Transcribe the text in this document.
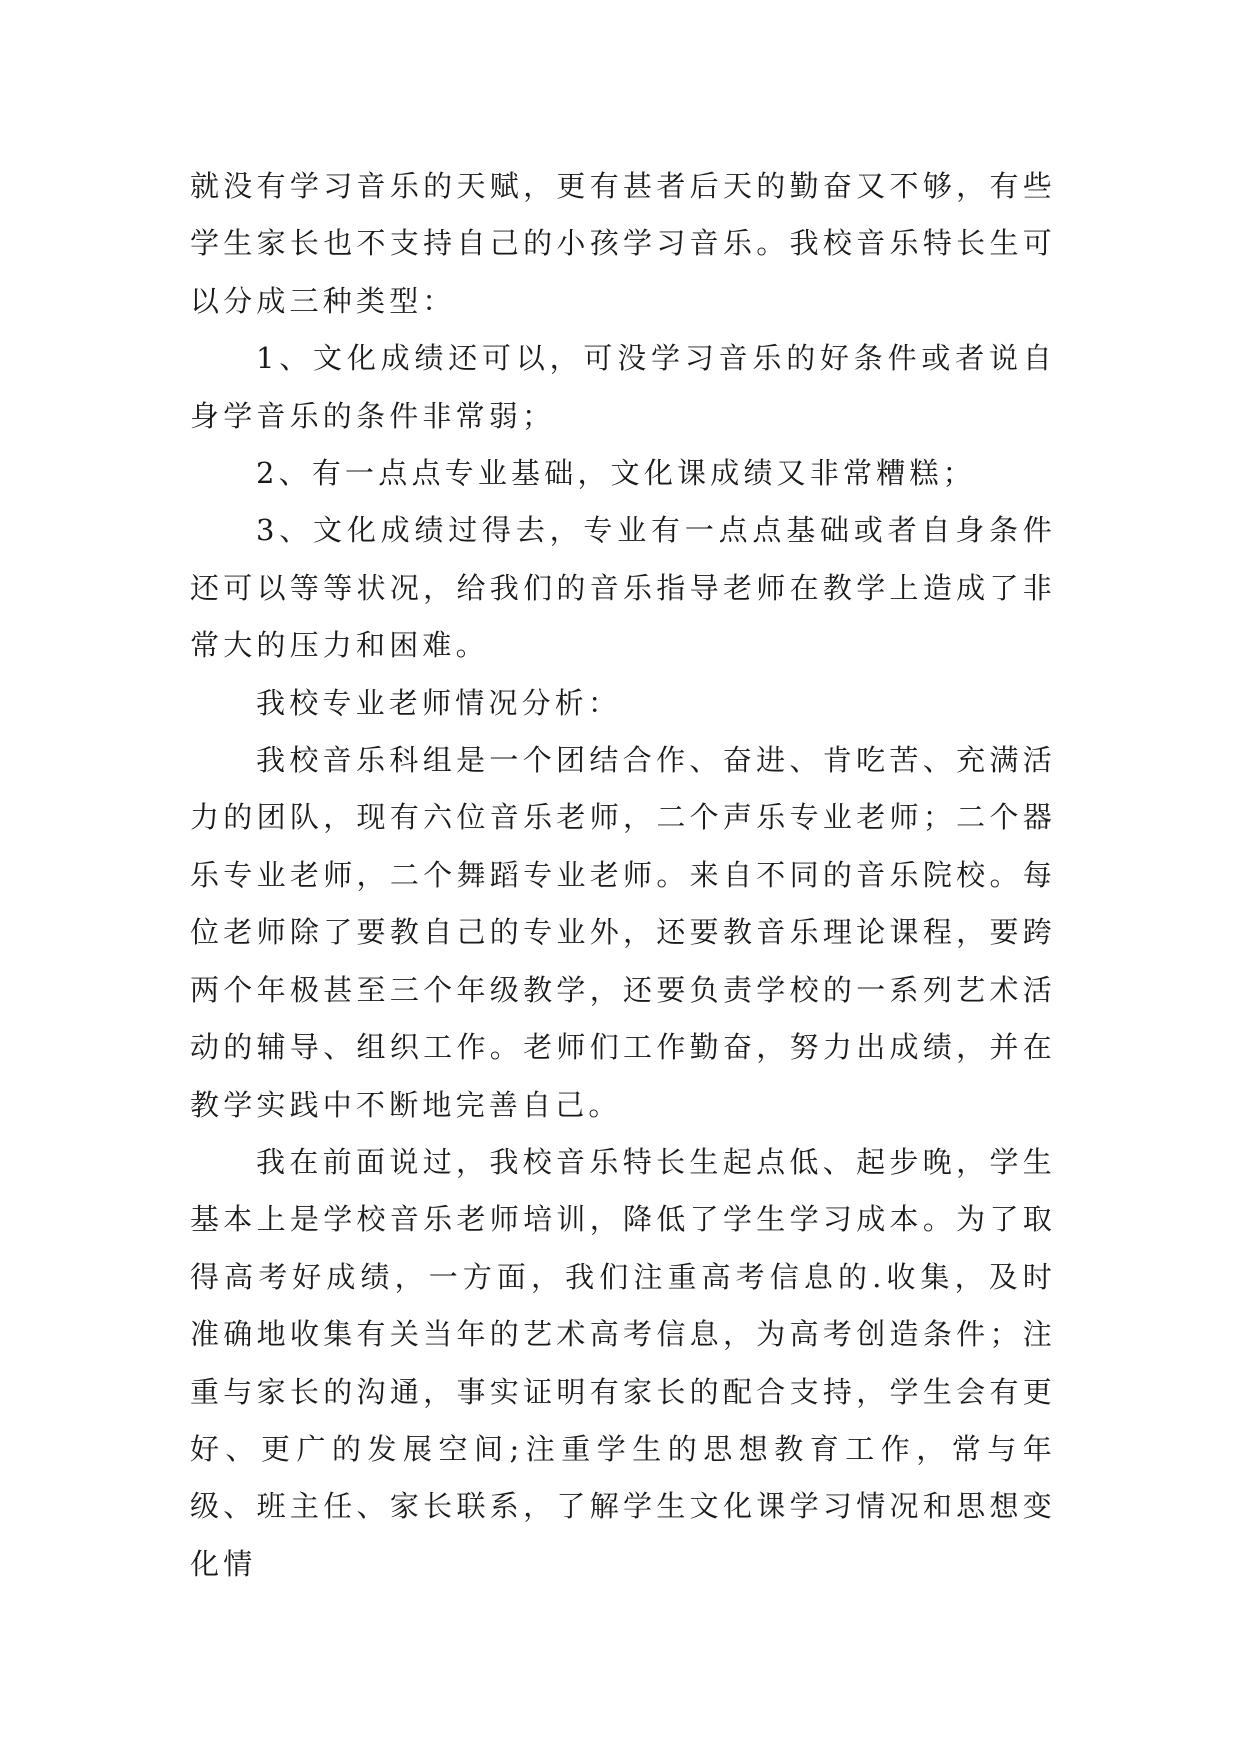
就没有学习音乐的天赋，更有甚者后天的勤奋又不够，有些学生家长也不支持自己的小孩学习音乐。我校音乐特长生可以分成三种类型：

1、文化成绩还可以，可没学习音乐的好条件或者说自身学音乐的条件非常弱；

2、有一点点专业基础，文化课成绩又非常糟糕；

3、文化成绩过得去，专业有一点点基础或者自身条件还可以等等状况，给我们的音乐指导老师在教学上造成了非常大的压力和困难。

我校专业老师情况分析：

我校音乐科组是一个团结合作、奋进、肯吃苦、充满活力的团队，现有六位音乐老师，二个声乐专业老师；二个器乐专业老师，二个舞蹈专业老师。来自不同的音乐院校。每位老师除了要教自己的专业外，还要教音乐理论课程，要跨两个年极甚至三个年级教学，还要负责学校的一系列艺术活动的辅导、组织工作。老师们工作勤奋，努力出成绩，并在教学实践中不断地完善自己。

我在前面说过，我校音乐特长生起点低、起步晚，学生基本上是学校音乐老师培训，降低了学生学习成本。为了取得高考好成绩，一方面，我们注重高考信息的.收集，及时准确地收集有关当年的艺术高考信息，为高考创造条件；注重与家长的沟通，事实证明有家长的配合支持，学生会有更好、更广的发展空间;注重学生的思想教育工作，常与年级、班主任、家长联系，了解学生文化课学习情况和思想变化情
